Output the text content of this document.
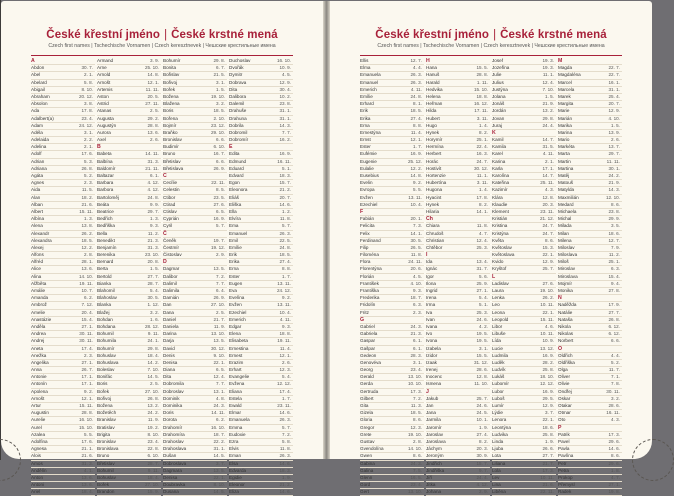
České křestní jméno | České krstné mená
Czech first names | Tschechische Vornamen | Czech keresztnevek | Чешские крестильные имена
A
Abdon	30. 7.
Abel	2. 1.
Abelard	5. 8.
Abigail	8. 10.
Abraham	20. 12.
Absolon	3. 8.
Ada	17. 8.
Adalbert(a)	23. 4.
Adam	24. 12.
Adéla	3. 1.
Adelaida	2. 2.
Adelina	2. 1.
Adolf	17. 6.
Adrian	5. 3.
Adriana	26. 8.
Agáta	5. 2.
Agnes	2. 3.
Aida	11. 5.
Alan	18. 2.
Alban	21. 6.
Albert	15. 11.
Albína	1. 3.
Alena	13. 8.
Alexandr	26. 2.
Alexandra	18. 5.
Alexej	12. 2.
Alfons	2. 8.
Alfréd	28. 1.
Alice	13. 6.
Alina	14. 10.
Alžběta	19. 11.
Amálie	10. 7.
Amanda	6. 2.
Ambrož	7. 12.
Amelie	20. 4.
Anastázie	15. 4.
Anděla	27. 1.
Andrea	30. 11.
Andrej	30. 11.
Aneta	17. 4.
Anežka	2. 3.
Angelika	27. 1.
Anna	26. 7.
Antonie	17. 1.
Antonín	17. 1.
Apolena	9. 2.
Arnošt	12. 1.
Artur	15. 11.
Augustin	28. 8.
Aurelie	16. 10.
Aurel	15. 10.
Azalea	5. 5.
Adolfina	17. 6.
Agnesa	21. 1.
Alois	21. 6.
Amos	31. 3.
Andělín	4. 1.
Anton	13. 6.
Antoni	13. 6.
Ariel	18. 4.
Armand	3. 9.
Arne	25. 10.
Arnold	14. 8.
Arnošt	12. 1.
Artemis	11. 11.
Aston	20. 5.
Astrid	27. 11.
Atanas	2. 5.
Augusta	29. 2.
Augustýn	28. 8.
Aurora	13. 6.
Axel	2. 6.
B
Babeta	14. 11.
Balbína	31. 3.
Baldomír	21. 11.
Baltazar	6. 1.
Barbara	4. 12.
Barbora	4. 12.
Bartoloměj	24. 8.
Beáta	9. 9.
Beatrice	29. 7.
Bedřich	1. 3.
Bedřiška	9. 3.
Bella	11. 2.
Benedikt	21. 3.
Benjamín	31. 3.
Berenika	23. 10.
Bernard	20. 8.
Berta	1. 5.
Bertold	27. 7.
Bianka	28. 7.
Blahomil	5. 4.
Blahoslav	30. 5.
Blanka	1. 12.
Blažej	3. 2.
Bohdan	1. 6.
Bohdana	28. 12.
Bohumil	9. 11.
Bohumila	24. 1.
Bohumír	29. 8.
Bohuslav	18. 4.
Bohuslava	14. 2.
Boleslav	7. 10.
Bonifác	14. 5.
Boris	2. 5.
Bořek	27. 10.
Bořivoj	26. 8.
Božena	13. 2.
Božetěch	24. 2.
Branislav	11. 9.
Bratislav	19. 2.
Brigita	8. 10.
Bronislav	23. 4.
Bronislava	22. 8.
Bruno	6. 10.
Břetislav	28. 7.
Bohumil	9. 11.
Bohuslav	18. 4.
Bořek	27. 10.
Brandon	15. 9.
Bohumír	29. 8.
Bonita	6. 7.
Bořislav	21. 5.
Bořivoj	3. 1.
Bořek	1. 5.
Božena	19. 10.
Blažena	3. 2.
Boris	18. 5.
Bořena	2. 10.
Bojmír	23. 12.
Braňko	29. 10.
Bronislav	6. 6.
Budimír	6. 10.
Bruno	16. 7.
Břetislav	6. 6.
Břetislava	26. 9.
C
Cecílie	22. 11.
Celestin	8. 5.
Ctibor	23. 5.
Ctirad	27. 6.
Ctislav	6. 5.
Cyprián	16. 9.
Cyril	5. 7.
Č
Čeněk	19. 7.
Čestmír	19. 12.
Čistoslav	2. 9.
D
Dagmar	13. 5.
Dalibor	7. 2.
Dalimil	7. 7.
Dalimila	6. 4.
Damián	26. 9.
Dan	27. 10.
Dana	2. 5.
Daniel	21. 7.
Daniela	11. 9.
Darina	13. 10.
Darja	13. 5.
David	30. 12.
Denis	9. 10.
Denisa	22. 1.
Diana	6. 5.
Dita	12. 4.
Dobromila	7. 7.
Dobroslav	13. 1.
Dominik	4. 8.
Dominika	24. 3.
Doris	14. 11.
Dorota	6. 2.
Drahomír	16. 10.
Drahomíra	18. 7.
Drahoslav	22. 2.
Drahoslava	31. 1.
Dušan	14. 5.
Dobroslava	3. 7.
Dagmara	13. 5.
Denisa	22. 1.
Doubravka	8. 10.
Dusana	14. 5.
Duchoslav	16. 10.
Dvořák	10. 9.
Dymitr	4. 5.
Dobrava	12. 9.
Dita	30. 4.
Dalibora	10. 2.
Dalemil	23. 8.
Drahuše	31. 1.
Drahuna	31. 1.
Dobrila	14. 3.
Dobromil	7. 7.
Dobromír	16. 2.
E
Edita	16. 9.
Edmund	16. 11.
Eduard	5. 1.
Edvard	18. 3.
Egon	15. 7.
Eleonora	21. 2.
Eliáš	20. 7.
Eliška	14. 6.
Ella	1. 2.
Elvíra	11. 8.
Ema	5. 7.
Emanuel	26. 3.
Emil	22. 5.
Emílie	24. 8.
Erik	18. 5.
Erika	27. 4.
Erna	8. 8.
Ester	1. 7.
Eugen	13. 11.
Eva	24. 12.
Evelína	9. 2.
Evžen	13. 11.
Ezechiel	10. 4.
Emerich	4. 11.
Edgar	9. 3.
Elena	18. 8.
Elisabeta	19. 11.
Ernestina	11. 4.
Ernest	12. 1.
Erazim	2. 6.
Erhart	12. 3.
Evangelie	5. 4.
Evžena	12. 12.
Eliana	17. 4.
Estela	1. 7.
Ewald	23. 11.
Elmar	14. 6.
Emanuela	26. 3.
Emma	5. 7.
Eudoxie	7. 2.
Ezra	5. 8.
Elvis	11. 8.
Eman	26. 3.
Elsa	14. 6.
Edvarda	18. 3.
Egidie	1. 9.
Eleonor	21. 2.
Eliza	14. 6.
České křestní jméno | České krstné mená
Czech first names | Tschechische Vornamen | Czech keresztnevek | Чешские крестильные имена
Ellis	12. 7.
Elma	4. 4.
Emanuela	26. 3.
Emanuel	26. 3.
Emerich	4. 11.
Emílie	24. 8.
Erhard	8. 1.
Erik	18. 5.
Erika	27. 4.
Erna	8. 8.
Ernestýna	11. 4.
Ernst	12. 1.
Ester	1. 7.
Eufémie	16. 9.
Eugenie	25. 12.
Eulalie	12. 2.
Eusebius	14. 8.
Evelin	9. 2.
Evropa	5. 5.
Evžen	13. 11.
Ezechiel	10. 4.
F
Fabián	20. 1.
Felicita	7. 3.
Felix	14. 1.
Ferdinand	30. 5.
Filip	26. 5.
Filoména	11. 8.
Flora	24. 11.
Florentýna	20. 6.
Florián	4. 5.
František	4. 10.
Františka	9. 3.
Frederika	18. 7.
Fridolín	6. 3.
Fritz	2. 3.
G
Gabriel	24. 3.
Gabriela	21. 3.
Gaspar	6. 1.
Gašpar	6. 1.
Gedeon	28. 3.
Genovéva	3. 1.
Georg	23. 4.
Gerald	13. 10.
Gerda	10. 10.
Gertruda	17. 3.
Gilbert	7. 2.
Gita	11. 3.
Gizela	18. 5.
Gloria	8. 6.
Gregor	12. 3.
Grete	19. 10.
Gustav	2. 8.
Gvendolína	14. 10.
Gwen	8. 6.
Gabina	24. 3.
Galina	7. 5.
Glenn	16. 5.
Gord	23. 4.
Gert	13. 10.
H
Hana	15. 5.
Hanuš	28. 8.
Harald	1. 11.
Hedvika	15. 10.
Helena	18. 8.
Heřman	16. 12.
Hilda	17. 11.
Hubert	3. 11.
Hugo	1. 4.
Hynek	8. 2.
Horymír	25. 1.
Hermína	22. 4.
Herbert	16. 3.
Horác	24. 7.
Hostivít	30. 12.
Hortenzie	11. 1.
Hubertína	3. 11.
Hugona	1. 4.
Hyacint	17. 8.
Hynek	8. 2.
Hilaria	14. 1.
Ch
Chiara	11. 8.
Chrudoš	4. 7.
Christian	12. 4.
Chtěbor	25. 3.
I
Ida	13. 4.
Ignác	31. 7.
Igor	5. 6.
Ilona	25. 9.
Ingrid	27. 1.
Irena	5. 4.
Irma	5. 1.
Iva	25. 3.
Ivan	24. 6.
Ivana	4. 2.
Ivo	19. 5.
Ivona	19. 5.
Izabela	3. 1.
Izidor	15. 5.
Izaak	31. 12.
Irenej	28. 6.
Inocenc	12. 8.
Ismena	11. 10.
J
Jakub	25. 7.
Jan	24. 6.
Jana	24. 5.
Jarmila	10. 1.
Jaromír	1. 9.
Jaroslav	27. 4.
Jaroslava	8. 2.
Jáchym	20. 3.
Jeroným	30. 9.
Jindřich	15. 7.
Jindřiška	9. 7.
Jiří	24. 4.
Jitka	4. 12.
Johana	2. 9.
Josef	19. 3.
Jozefína	19. 3.
Julie	11. 1.
Julius	12. 4.
Justýna	7. 10.
Jolana	1. 5.
Jonáš	21. 9.
Jordán	13. 2.
Jovan	29. 8.
Juraj	24. 4.
K
Kamil	14. 7.
Kamila	31. 5.
Karel	4. 11.
Karina	2. 1.
Karla	17. 1.
Karolína	14. 7.
Kateřina	25. 11.
Kazimír	4. 3.
Klára	12. 8.
Klaudie	20. 3.
Klement	23. 11.
Kristián	21. 12.
Kristina	24. 7.
Kristýna	24. 7.
Květa	8. 6.
Květoslav	15. 3.
Květoslava	22. 1.
Kvido	12. 9.
Kryštof	25. 7.
L
Ladislav	27. 6.
Laura	19. 10.
Lenka	26. 2.
Leo	10. 11.
Leona	22. 1.
Leopold	15. 11.
Libor	4. 6.
Libuše	10. 11.
Lída	10. 9.
Lucie	13. 12.
Ludmila	16. 9.
Luděk	28. 2.
Ludvík	25. 8.
Lukáš	18. 10.
Lubomír	12. 12.
Lubor	16. 9.
Luboš	29. 5.
Lumír	12. 9.
Lýdie	3. 7.
Lenora	22. 1.
Leontýna	18. 6.
Ludvika	25. 8.
Linda	1. 9.
Ljuba	26. 6.
Lota	27. 7.
Liliana	21. 7.
Lola	17. 3.
Lev	10. 11.
Lina	21. 6.
Liběna	22. 11.
M
Magda	22. 7.
Magdaléna	22. 7.
Marcel	16. 1.
Marcela	31. 1.
Marek	25. 4.
Margita	20. 7.
Marie	12. 9.
Marián	4. 10.
Marika	1. 5.
Marina	13. 9.
Mario	2. 6.
Markéta	13. 7.
Marta	29. 7.
Martin	11. 11.
Martina	30. 1.
Matěj	24. 2.
Matouš	21. 9.
Matylda	14. 3.
Maxmilián	12. 10.
Medard	8. 6.
Michaela	23. 8.
Michal	29. 9.
Milada	3. 5.
Milan	18. 6.
Milena	12. 7.
Miloslav	7. 9.
Miloslava	11. 2.
Miloš	25. 1.
Miroslav	6. 3.
Miroslava	15. 4.
Mojmír	9. 4.
Monika	27. 8.
N
Naděžda	17. 9.
Natálie	27. 7.
Nataša	26. 8.
Nikola	6. 12.
Nikolas	6. 12.
Norbert	6. 6.
O
Oldřich	4. 4.
Oldřiška	5. 2.
Olga	11. 7.
Oliver	7. 1.
Olivie	7. 8.
Ondřej	30. 11.
Oskar	3. 2.
Otakar	28. 6.
Otmar	16. 11.
Oto	4. 3.
P
Patrik	17. 3.
Pavel	29. 6.
Pavla	14. 6.
Pavlína	8. 6.
Petr	29. 6.
Petra	1. 8.
Prokop	4. 7.
Přemysl	27. 1.
Radek	19. 8.
